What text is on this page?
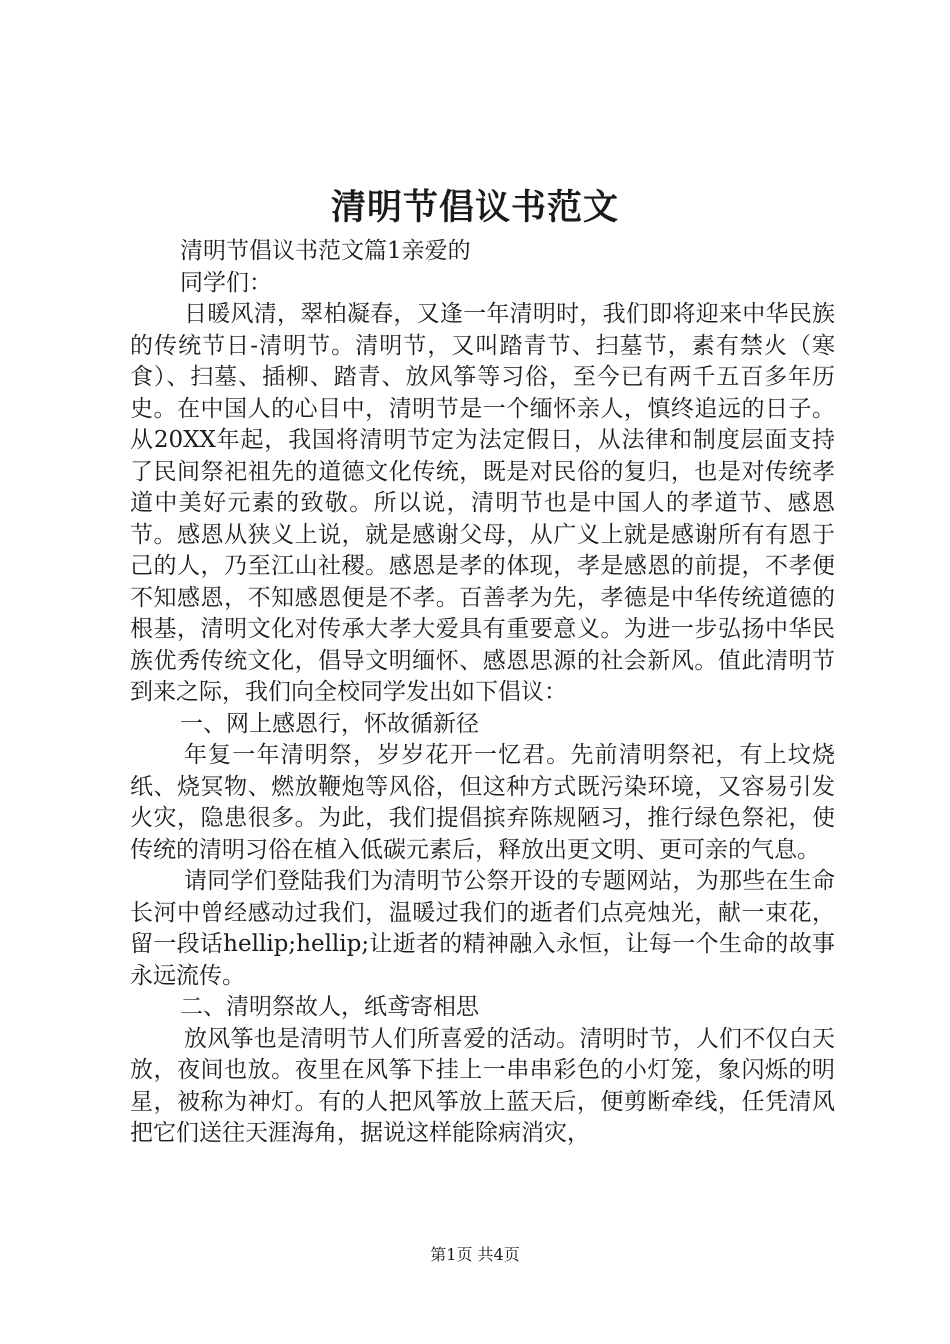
清明节倡议书范文

清明节倡议书范文篇1亲爱的

同学们：

日暖风清，翠柏凝春，又逢一年清明时，我们即将迎来中华民族的传统节日-清明节。清明节，又叫踏青节、扫墓节，素有禁火（寒食）、扫墓、插柳、踏青、放风筝等习俗，至今已有两千五百多年历史。在中国人的心目中，清明节是一个缅怀亲人，慎终追远的日子。从20XX年起，我国将清明节定为法定假日，从法律和制度层面支持了民间祭祀祖先的道德文化传统，既是对民俗的复归，也是对传统孝道中美好元素的致敬。所以说，清明节也是中国人的孝道节、感恩节。感恩从狭义上说，就是感谢父母，从广义上就是感谢所有有恩于己的人，乃至江山社稷。感恩是孝的体现，孝是感恩的前提，不孝便不知感恩，不知感恩便是不孝。百善孝为先，孝德是中华传统道德的根基，清明文化对传承大孝大爱具有重要意义。为进一步弘扬中华民族优秀传统文化，倡导文明缅怀、感恩思源的社会新风。值此清明节到来之际，我们向全校同学发出如下倡议：

一、网上感恩行，怀故循新径

年复一年清明祭，岁岁花开一忆君。先前清明祭祀，有上坟烧纸、烧冥物、燃放鞭炮等风俗，但这种方式既污染环境，又容易引发火灾，隐患很多。为此，我们提倡摈弃陈规陋习，推行绿色祭祀，使传统的清明习俗在植入低碳元素后，释放出更文明、更可亲的气息。

请同学们登陆我们为清明节公祭开设的专题网站，为那些在生命长河中曾经感动过我们，温暖过我们的逝者们点亮烛光，献一束花，留一段话hellip;hellip;让逝者的精神融入永恒，让每一个生命的故事永远流传。

二、清明祭故人，纸鸢寄相思

放风筝也是清明节人们所喜爱的活动。清明时节，人们不仅白天放，夜间也放。夜里在风筝下挂上一串串彩色的小灯笼，象闪烁的明星，被称为神灯。有的人把风筝放上蓝天后，便剪断牵线，任凭清风把它们送往天涯海角，据说这样能除病消灾，

第1页 共4页
